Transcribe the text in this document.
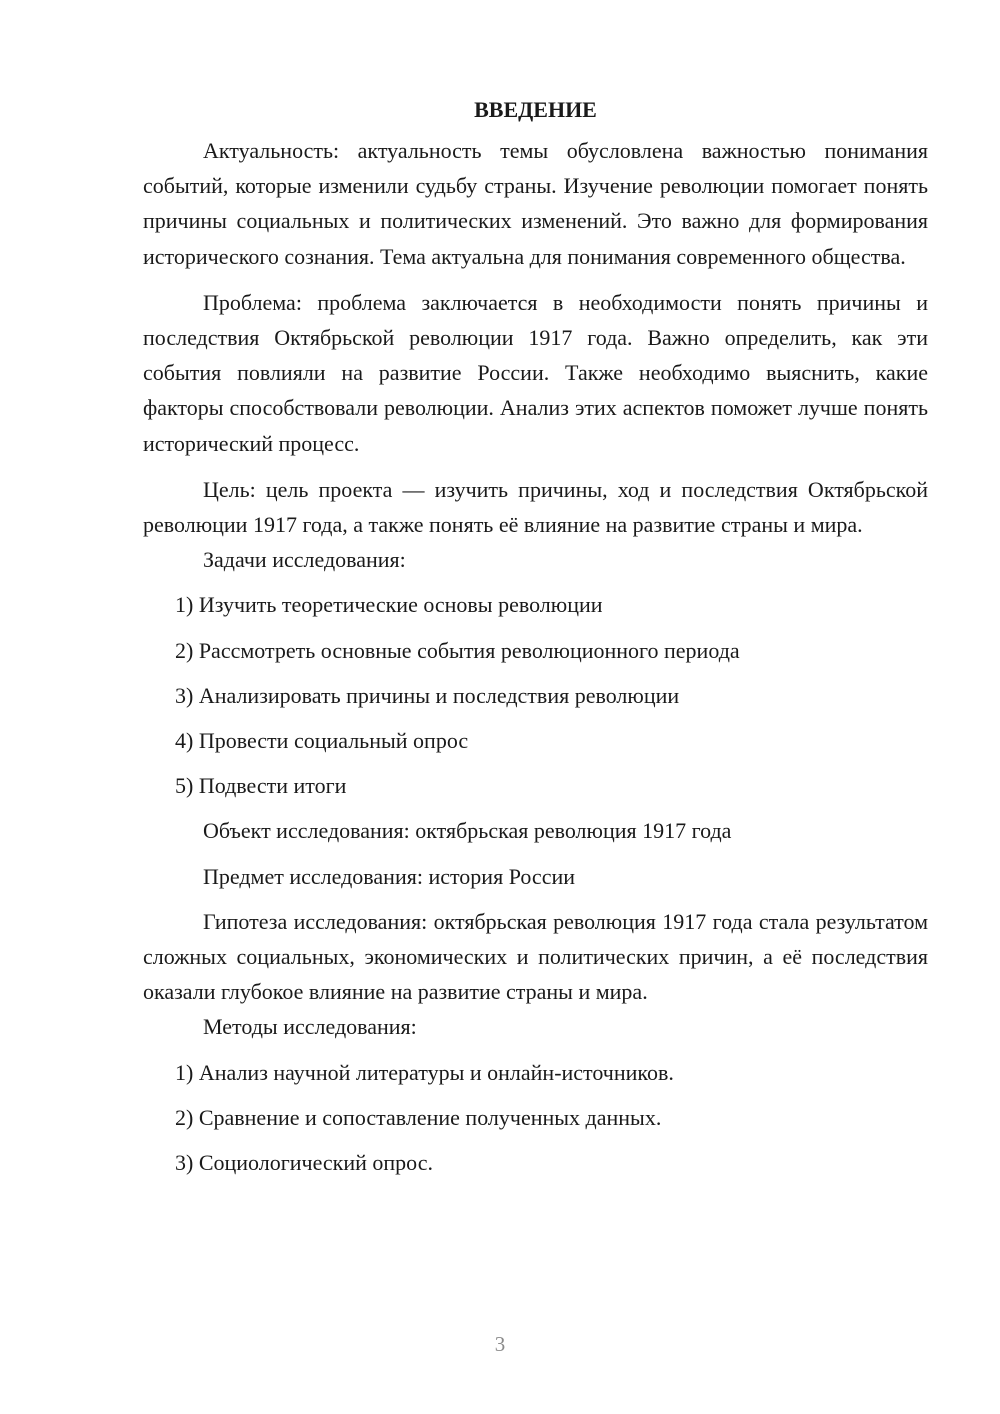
ВВЕДЕНИЕ

Актуальность: актуальность темы обусловлена важностью понимания событий, которые изменили судьбу страны. Изучение революции помогает понять причины социальных и политических изменений. Это важно для формирования исторического сознания. Тема актуальна для понимания современного общества.

Проблема: проблема заключается в необходимости понять причины и последствия Октябрьской революции 1917 года. Важно определить, как эти события повлияли на развитие России. Также необходимо выяснить, какие факторы способствовали революции. Анализ этих аспектов поможет лучше понять исторический процесс.

Цель: цель проекта — изучить причины, ход и последствия Октябрьской революции 1917 года, а также понять её влияние на развитие страны и мира.

Задачи исследования:

1) Изучить теоретические основы революции

2) Рассмотреть основные события революционного периода

3) Анализировать причины и последствия революции

4) Провести социальный опрос

5) Подвести итоги

Объект исследования: октябрьская революция 1917 года

Предмет исследования: история России

Гипотеза исследования: октябрьская революция 1917 года стала результатом сложных социальных, экономических и политических причин, а её последствия оказали глубокое влияние на развитие страны и мира.

Методы исследования:

1) Анализ научной литературы и онлайн-источников.

2) Сравнение и сопоставление полученных данных.

3) Социологический опрос.

3
